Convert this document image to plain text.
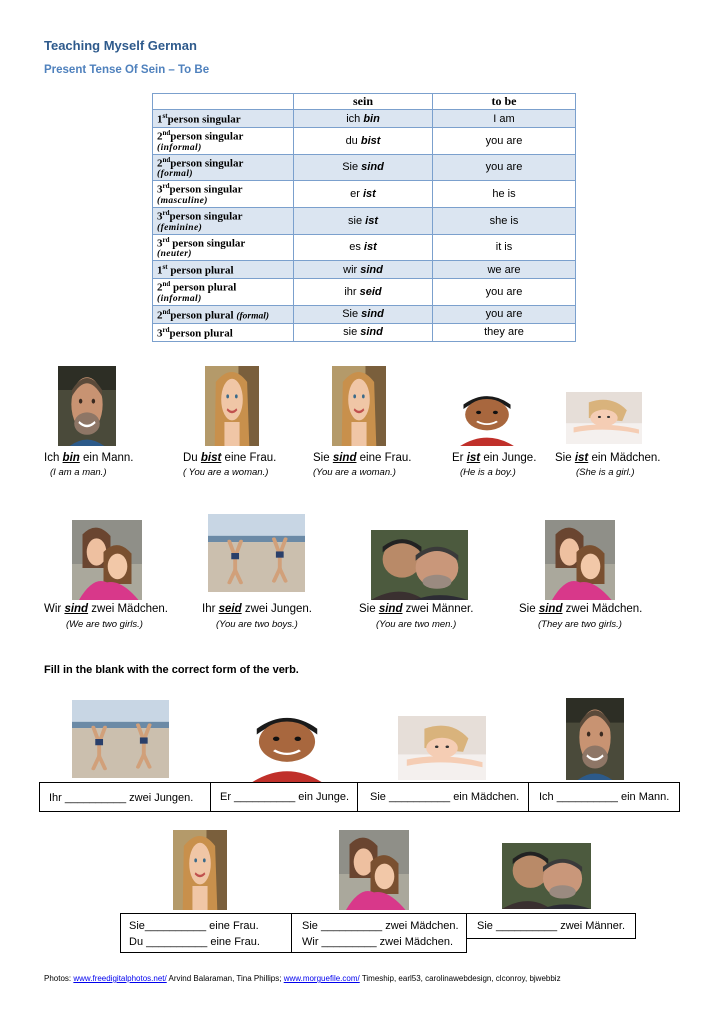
Teaching Myself German
Present Tense Of Sein – To Be
	sein	to be
1stperson singular	ich bin	I am
2ndperson singular
(informal)	du bist	you are
2ndperson singular
(formal)	Sie sind	you are
3rdperson singular
(masculine)	er ist	he is
3rdperson singular
(feminine)	sie ist	she is
3rd person singular
(neuter)	es ist	it is
1st person plural	wir sind	we are
2nd person plural
(informal)	ihr seid	you are
2ndperson plural (formal)	Sie sind	you are
3rdperson plural	sie sind	they are
Ich bin ein Mann.
(I am a man.)
Du bist eine Frau.
( You are a woman.)
Sie sind eine Frau.
(You are a woman.)
Er ist ein Junge.
(He is a boy.)
Sie ist ein Mädchen.
(She is a girl.)
Wir sind zwei Mädchen.
(We are two girls.)
Ihr seid zwei Jungen.
(You are two boys.)
Sie sind zwei Männer.
(You are two men.)
Sie sind zwei Mädchen.
(They are two girls.)
Fill in the blank with the correct form of the verb.
Ihr __________ zwei Jungen. Er __________ ein Junge. Sie __________ ein Mädchen. Ich __________ ein Mann.
Sie__________ eine Frau.
Du __________ eine Frau.
Sie __________ zwei Mädchen.
Wir _________ zwei Mädchen.
Sie __________ zwei Männer.
Photos: www.freedigitalphotos.net/ Arvind Balaraman, Tina Phillips; www.morguefile.com/ Timeship, earl53, carolinawebdesign, clconroy, bjwebbiz
